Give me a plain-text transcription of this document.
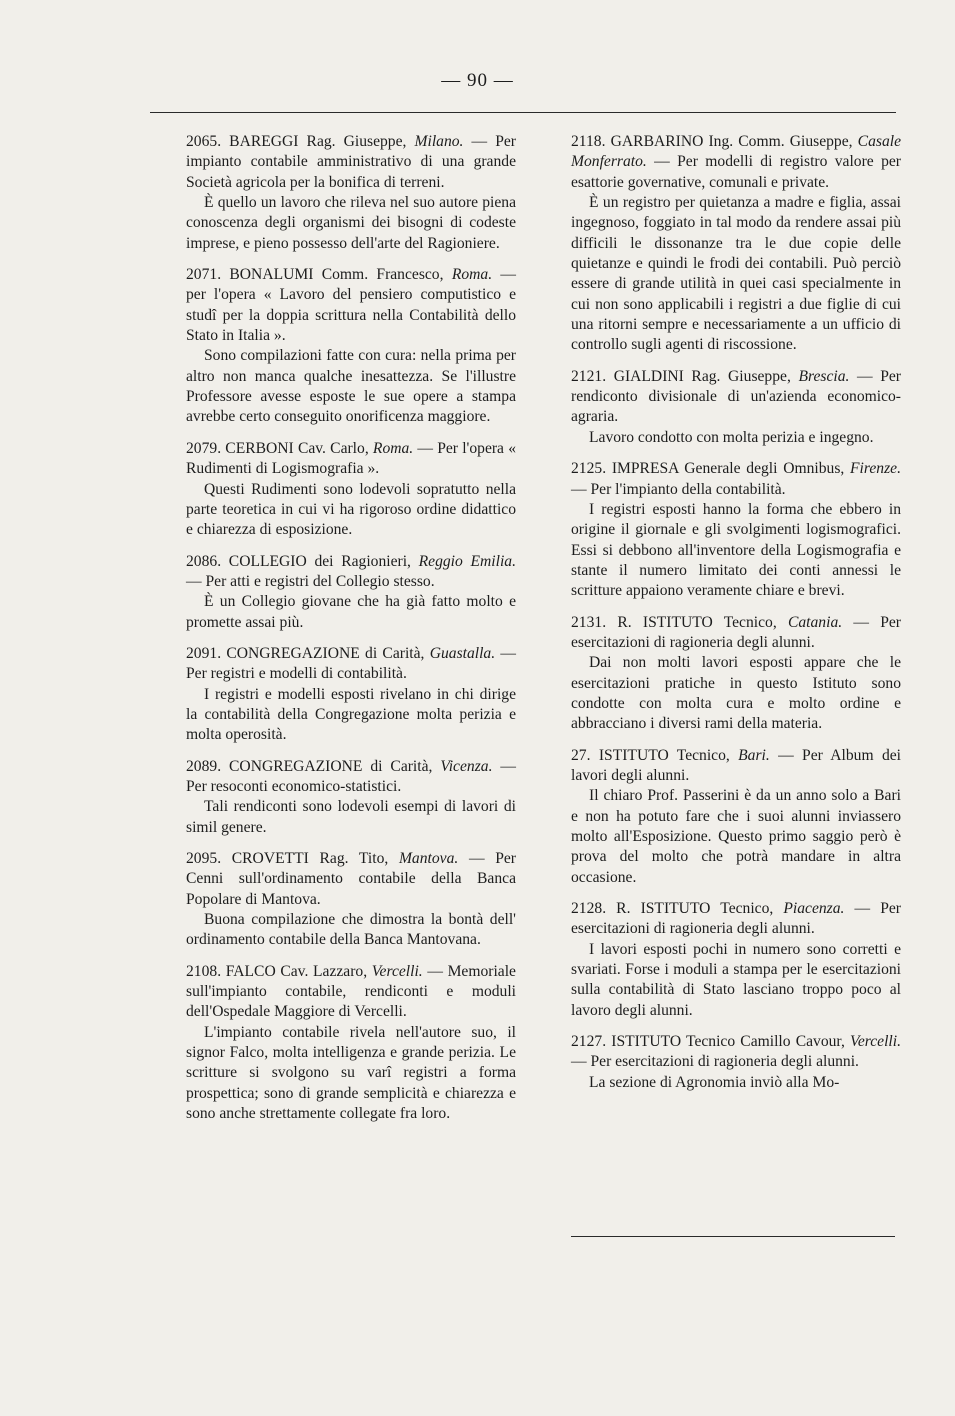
— 90 —

2065. BAREGGI Rag. Giuseppe, Milano. — Per impianto contabile amministrativo di una grande Società agricola per la bonifica di terreni.

È quello un lavoro che rileva nel suo autore piena conoscenza degli organismi dei bisogni di codeste imprese, e pieno possesso dell'arte del Ragioniere.

2071. BONALUMI Comm. Francesco, Roma. — per l'opera « Lavoro del pensiero computistico e studî per la doppia scrittura nella Contabilità dello Stato in Italia ».

Sono compilazioni fatte con cura: nella prima per altro non manca qualche inesattezza. Se l'illustre Professore avesse esposte le sue opere a stampa avrebbe certo conseguito onorificenza maggiore.

2079. CERBONI Cav. Carlo, Roma. — Per l'opera « Rudimenti di Logismografia ».

Questi Rudimenti sono lodevoli sopratutto nella parte teoretica in cui vi ha rigoroso ordine didattico e chiarezza di esposizione.

2086. COLLEGIO dei Ragionieri, Reggio Emilia. — Per atti e registri del Collegio stesso.

È un Collegio giovane che ha già fatto molto e promette assai più.

2091. CONGREGAZIONE di Carità, Guastalla. — Per registri e modelli di contabilità.

I registri e modelli esposti rivelano in chi dirige la contabilità della Congregazione molta perizia e molta operosità.

2089. CONGREGAZIONE di Carità, Vicenza. — Per resoconti economico-statistici.

Tali rendiconti sono lodevoli esempi di lavori di simil genere.

2095. CROVETTI Rag. Tito, Mantova. — Per Cenni sull'ordinamento contabile della Banca Popolare di Mantova.

Buona compilazione che dimostra la bontà dell' ordinamento contabile della Banca Mantovana.

2108. FALCO Cav. Lazzaro, Vercelli. — Memoriale sull'impianto contabile, rendiconti e moduli dell'Ospedale Maggiore di Vercelli.

L'impianto contabile rivela nell'autore suo, il signor Falco, molta intelligenza e grande perizia. Le scritture si svolgono su varî registri a forma prospettica; sono di grande semplicità e chiarezza e sono anche strettamente collegate fra loro.

2118. GARBARINO Ing. Comm. Giuseppe, Casale Monferrato. — Per modelli di registro valore per esattorie governative, comunali e private.

È un registro per quietanza a madre e figlia, assai ingegnoso, foggiato in tal modo da rendere assai più difficili le dissonanze tra le due copie delle quietanze e quindi le frodi dei contabili. Può perciò essere di grande utilità in quei casi specialmente in cui non sono applicabili i registri a due figlie di cui una ritorni sempre e necessariamente a un ufficio di controllo sugli agenti di riscossione.

2121. GIALDINI Rag. Giuseppe, Brescia. — Per rendiconto divisionale di un'azienda economico-agraria.

Lavoro condotto con molta perizia e ingegno.

2125. IMPRESA Generale degli Omnibus, Firenze. — Per l'impianto della contabilità.

I registri esposti hanno la forma che ebbero in origine il giornale e gli svolgimenti logismografici. Essi si debbono all'inventore della Logismografia e stante il numero limitato dei conti annessi le scritture appaiono veramente chiare e brevi.

2131. R. ISTITUTO Tecnico, Catania. — Per esercitazioni di ragioneria degli alunni.

Dai non molti lavori esposti appare che le esercitazioni pratiche in questo Istituto sono condotte con molta cura e molto ordine e abbracciano i diversi rami della materia.

27. ISTITUTO Tecnico, Bari. — Per Album dei lavori degli alunni.

Il chiaro Prof. Passerini è da un anno solo a Bari e non ha potuto fare che i suoi alunni inviassero molto all'Esposizione. Questo primo saggio però è prova del molto che potrà mandare in altra occasione.

2128. R. ISTITUTO Tecnico, Piacenza. — Per esercitazioni di ragioneria degli alunni.

I lavori esposti pochi in numero sono corretti e svariati. Forse i moduli a stampa per le esercitazioni sulla contabilità di Stato lasciano troppo poco al lavoro degli alunni.

2127. ISTITUTO Tecnico Camillo Cavour, Vercelli. — Per esercitazioni di ragioneria degli alunni.

La sezione di Agronomia inviò alla Mo-
